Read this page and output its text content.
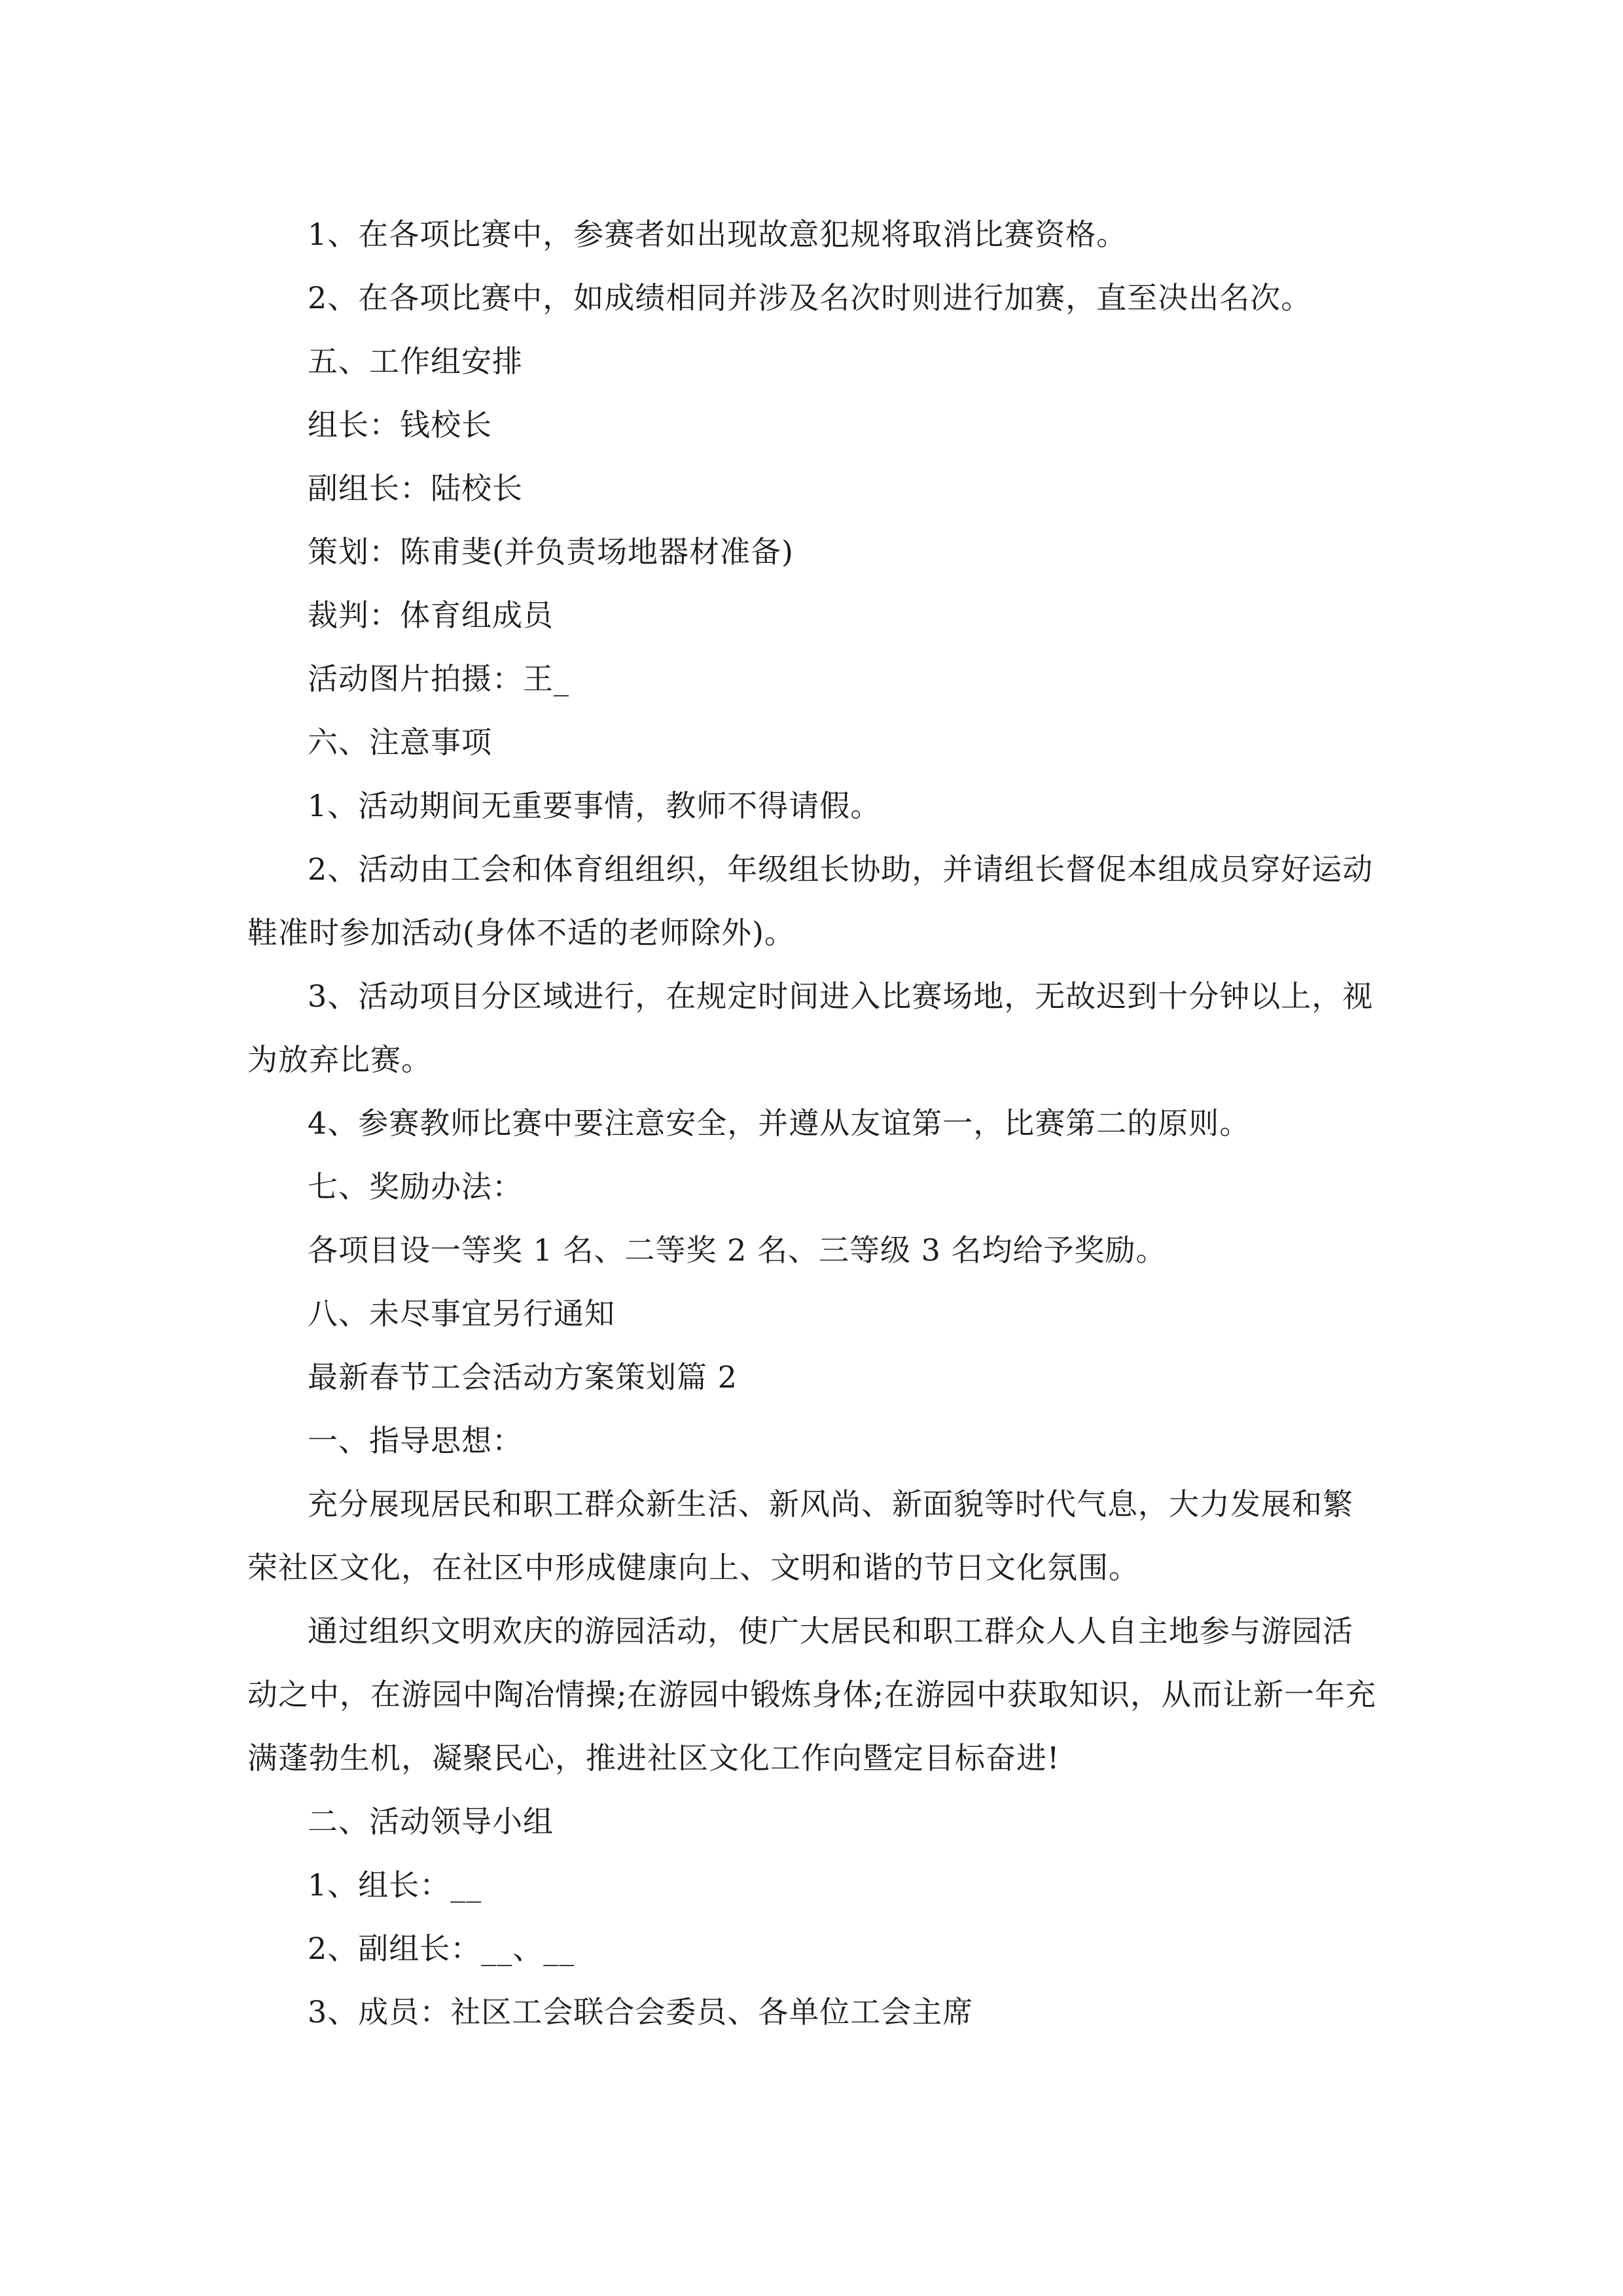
1、在各项比赛中，参赛者如出现故意犯规将取消比赛资格。

2、在各项比赛中，如成绩相同并涉及名次时则进行加赛，直至决出名次。

五、工作组安排

组长：钱校长

副组长：陆校长

策划：陈甫斐(并负责场地器材准备)

裁判：体育组成员

活动图片拍摄：王_

六、注意事项

1、活动期间无重要事情，教师不得请假。

2、活动由工会和体育组组织，年级组长协助，并请组长督促本组成员穿好运动鞋准时参加活动(身体不适的老师除外)。

3、活动项目分区域进行，在规定时间进入比赛场地，无故迟到十分钟以上，视为放弃比赛。

4、参赛教师比赛中要注意安全，并遵从友谊第一，比赛第二的原则。

七、奖励办法：

各项目设一等奖 1 名、二等奖 2 名、三等级 3 名均给予奖励。

八、未尽事宜另行通知

最新春节工会活动方案策划篇 2

一、指导思想：

充分展现居民和职工群众新生活、新风尚、新面貌等时代气息，大力发展和繁荣社区文化，在社区中形成健康向上、文明和谐的节日文化氛围。

通过组织文明欢庆的游园活动，使广大居民和职工群众人人自主地参与游园活动之中，在游园中陶冶情操;在游园中锻炼身体;在游园中获取知识，从而让新一年充满蓬勃生机，凝聚民心，推进社区文化工作向暨定目标奋进!

二、活动领导小组

1、组长：__

2、副组长：__、__

3、成员：社区工会联合会委员、各单位工会主席
